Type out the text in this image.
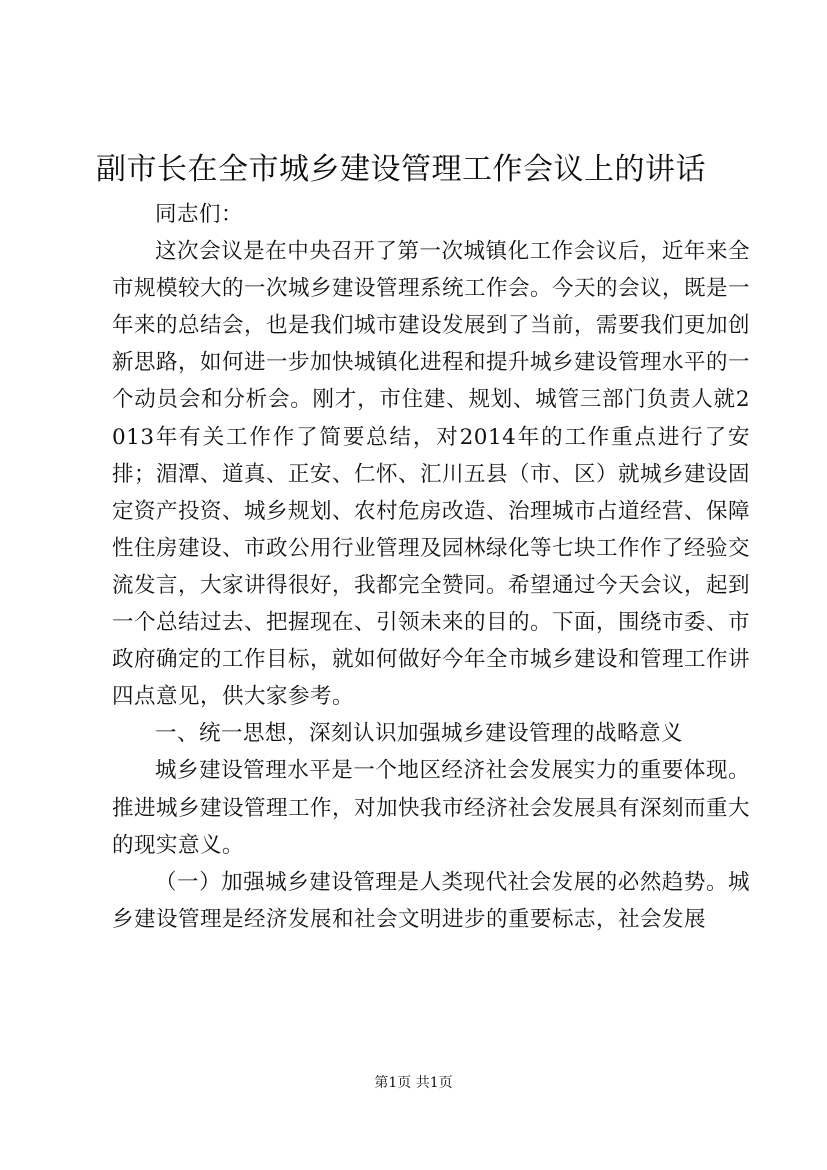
副市长在全市城乡建设管理工作会议上的讲话

同志们：

这次会议是在中央召开了第一次城镇化工作会议后，近年来全市规模较大的一次城乡建设管理系统工作会。今天的会议，既是一年来的总结会，也是我们城市建设发展到了当前，需要我们更加创新思路，如何进一步加快城镇化进程和提升城乡建设管理水平的一个动员会和分析会。刚才，市住建、规划、城管三部门负责人就2013年有关工作作了简要总结，对2014年的工作重点进行了安排；湄潭、道真、正安、仁怀、汇川五县（市、区）就城乡建设固定资产投资、城乡规划、农村危房改造、治理城市占道经营、保障性住房建设、市政公用行业管理及园林绿化等七块工作作了经验交流发言，大家讲得很好，我都完全赞同。希望通过今天会议，起到一个总结过去、把握现在、引领未来的目的。下面，围绕市委、市政府确定的工作目标，就如何做好今年全市城乡建设和管理工作讲四点意见，供大家参考。

一、统一思想，深刻认识加强城乡建设管理的战略意义

城乡建设管理水平是一个地区经济社会发展实力的重要体现。推进城乡建设管理工作，对加快我市经济社会发展具有深刻而重大的现实意义。

（一）加强城乡建设管理是人类现代社会发展的必然趋势。城乡建设管理是经济发展和社会文明进步的重要标志，社会发展

第1页 共1页
